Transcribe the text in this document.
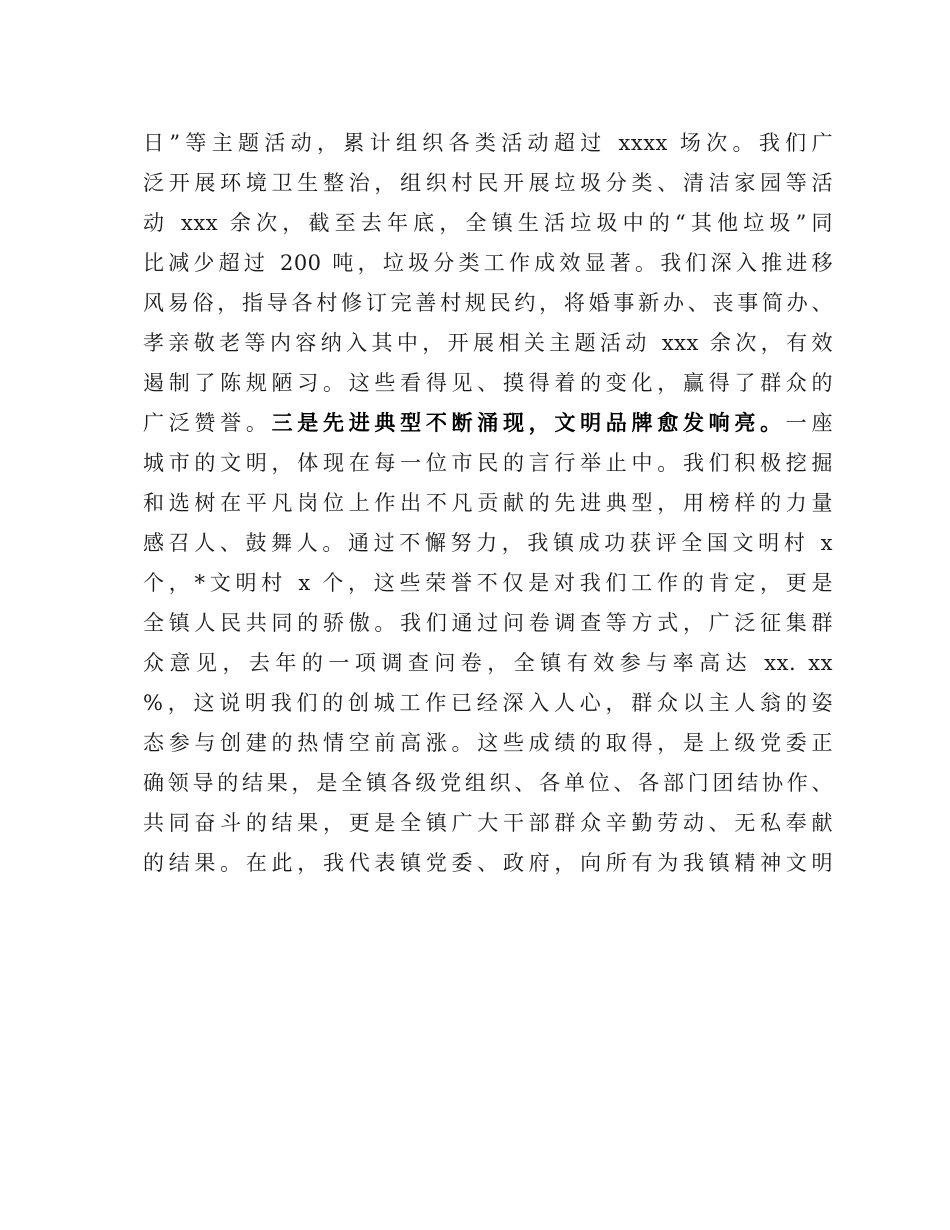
日”等主题活动，累计组织各类活动超过 xxxx 场次。我们广
泛开展环境卫生整治，组织村民开展垃圾分类、清洁家园等活
动 xxx 余次，截至去年底，全镇生活垃圾中的“其他垃圾”同
比减少超过 200 吨，垃圾分类工作成效显著。我们深入推进移
风易俗，指导各村修订完善村规民约，将婚事新办、丧事简办、
孝亲敬老等内容纳入其中，开展相关主题活动 xxx 余次，有效
遏制了陈规陋习。这些看得见、摸得着的变化，赢得了群众的
广泛赞誉。三是先进典型不断涌现，文明品牌愈发响亮。一座
城市的文明，体现在每一位市民的言行举止中。我们积极挖掘
和选树在平凡岗位上作出不凡贡献的先进典型，用榜样的力量
感召人、鼓舞人。通过不懈努力，我镇成功获评全国文明村 x
个，*文明村 x 个，这些荣誉不仅是对我们工作的肯定，更是
全镇人民共同的骄傲。我们通过问卷调查等方式，广泛征集群
众意见，去年的一项调查问卷，全镇有效参与率高达 xx. xx
%，这说明我们的创城工作已经深入人心，群众以主人翁的姿
态参与创建的热情空前高涨。这些成绩的取得，是上级党委正
确领导的结果，是全镇各级党组织、各单位、各部门团结协作、
共同奋斗的结果，更是全镇广大干部群众辛勤劳动、无私奉献
的结果。在此，我代表镇党委、政府，向所有为我镇精神文明
